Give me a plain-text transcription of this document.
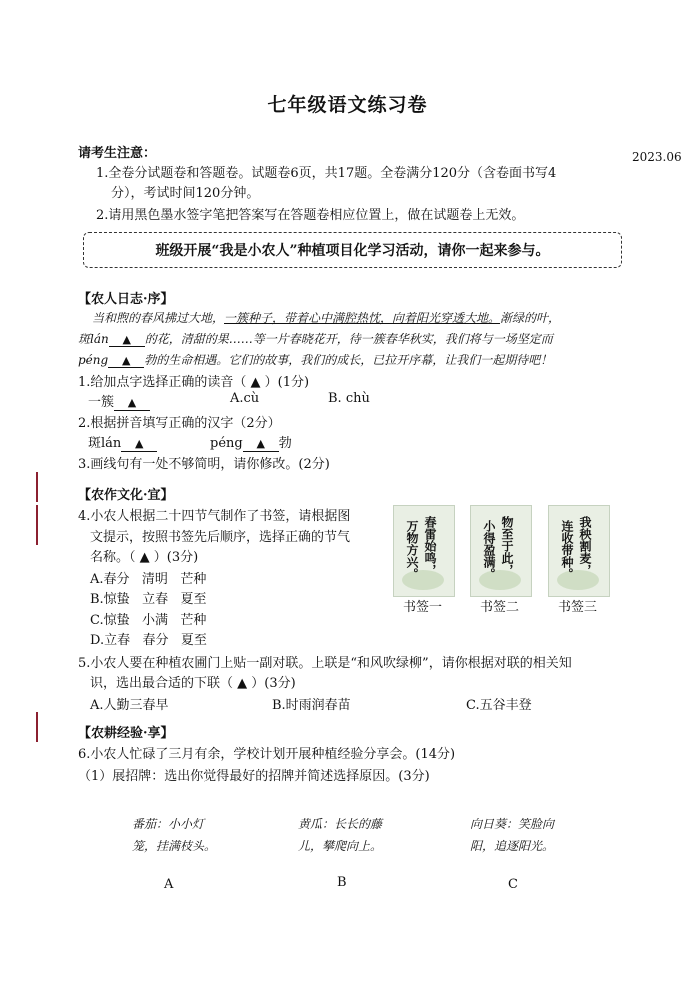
七年级语文练习卷
2023.06
请考生注意：
1.全卷分试题卷和答题卷。试题卷6页，共17题。全卷满分120分（含卷面书写4
分），考试时间120分钟。
2.请用黑色墨水签字笔把答案写在答题卷相应位置上，做在试题卷上无效。
班级开展“我是小农人”种植项目化学习活动，请你一起来参与。
【农人日志·序】
当和煦的春风拂过大地，一簇种子，带着心中满腔热忱，向着阳光穿透大地。渐绿的叶，
斑lán ▲ 的花，清甜的果……等一片春晓花开，待一簇春华秋实，我们将与一场坚定而
péng ▲ 勃的生命相遇。它们的故事，我们的成长，已拉开序幕，让我们一起期待吧！
1.给加点字选择正确的读音（ ▲ ）(1分)
一簇 ▲	A.cù	B. chù
2.根据拼音填写正确的汉字（2分）
斑lán ▲	péng ▲ 勃
3.画线句有一处不够简明，请你修改。(2分)
【农作文化·宜】
4.小农人根据二十四节气制作了书签，请根据图
文提示，按照书签先后顺序，选择正确的节气
名称。（ ▲ ）(3分)
A.春分   清明   芒种
B.惊蛰   立春   夏至
C.惊蛰   小满   芒种
D.立春   春分   夏至
春雷始鸣，
万物方兴。
书签一
物至于此，
小得盈满。
书签二
我秧割麦，
连收带种。
书签三
5.小农人要在种植农圃门上贴一副对联。上联是“和风吹绿柳”，请你根据对联的相关知
识，选出最合适的下联（ ▲ ）(3分)
A.人勤三春早	B.时雨润春苗	C.五谷丰登
【农耕经验·享】
6.小农人忙碌了三月有余，学校计划开展种植经验分享会。(14分)
（1）展招牌：选出你觉得最好的招牌并简述选择原因。(3分)
番茄：小小灯
笼，挂满枝头。
A
黄瓜：长长的藤
儿，攀爬向上。
B
向日葵：笑脸向
阳，追逐阳光。
C
